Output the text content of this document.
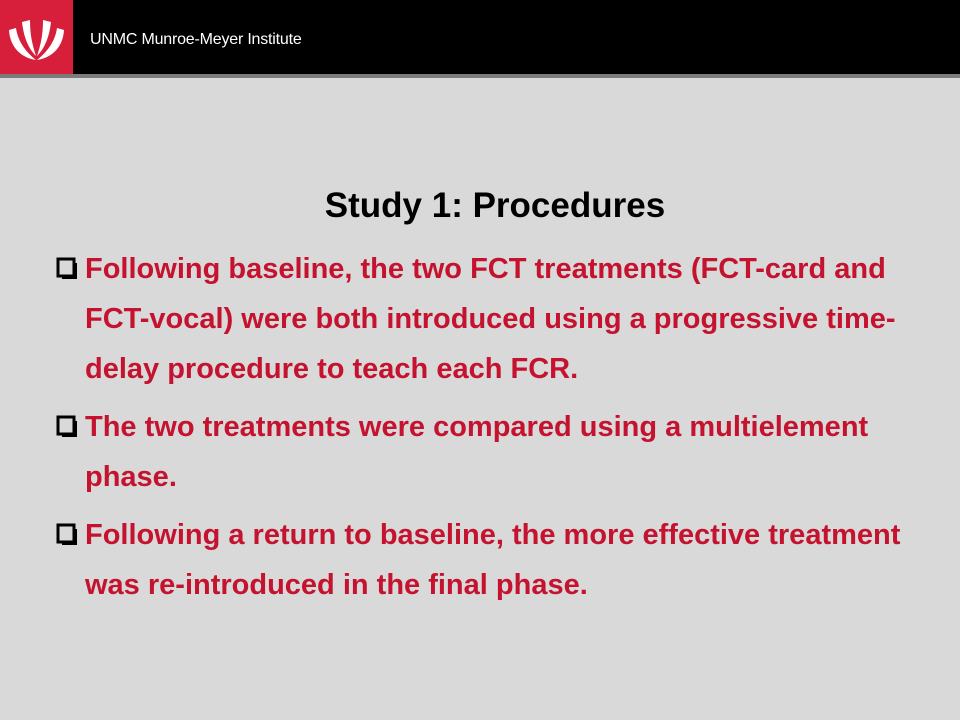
UNMC Munroe-Meyer Institute
Study 1: Procedures
Following baseline, the two FCT treatments (FCT-card and FCT-vocal) were both introduced using a progressive time-delay procedure to teach each FCR.
The two treatments were compared using a multielement phase.
Following a return to baseline, the more effective treatment was re-introduced in the final phase.
